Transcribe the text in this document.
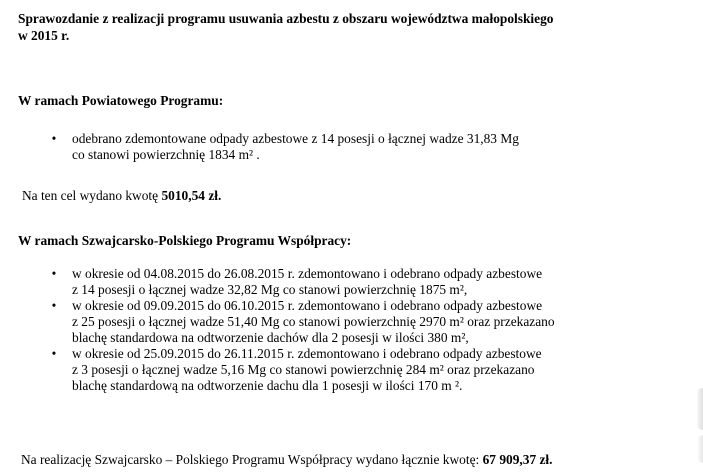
Sprawozdanie z realizacji programu usuwania azbestu z obszaru województwa małopolskiego
w 2015 r.
W ramach Powiatowego Programu:
• odebrano zdemontowane odpady azbestowe z 14 posesji o łącznej wadze 31,83 Mg
co stanowi powierzchnię 1834 m² .

Na ten cel wydano kwotę 5010,54 zł.

W ramach Szwajcarsko-Polskiego Programu Współpracy:
• w okresie od 04.08.2015 do 26.08.2015 r. zdemontowano i odebrano odpady azbestowe
z 14 posesji o łącznej wadze 32,82 Mg co stanowi powierzchnię 1875 m²,
• w okresie od 09.09.2015 do 06.10.2015 r. zdemontowano i odebrano odpady azbestowe
z 25 posesji o łącznej wadze 51,40 Mg co stanowi powierzchnię 2970 m² oraz przekazano
blachę standardowa na odtworzenie dachów dla 2 posesji w ilości 380 m²,
• w okresie od 25.09.2015 do 26.11.2015 r. zdemontowano i odebrano odpady azbestowe
z 3 posesji o łącznej wadze 5,16 Mg co stanowi powierzchnię 284 m² oraz przekazano
blachę standardową na odtworzenie dachu dla 1 posesji w ilości 170 m ².

Na realizację Szwajcarsko – Polskiego Programu Współpracy wydano łącznie kwotę: 67 909,37 zł.
